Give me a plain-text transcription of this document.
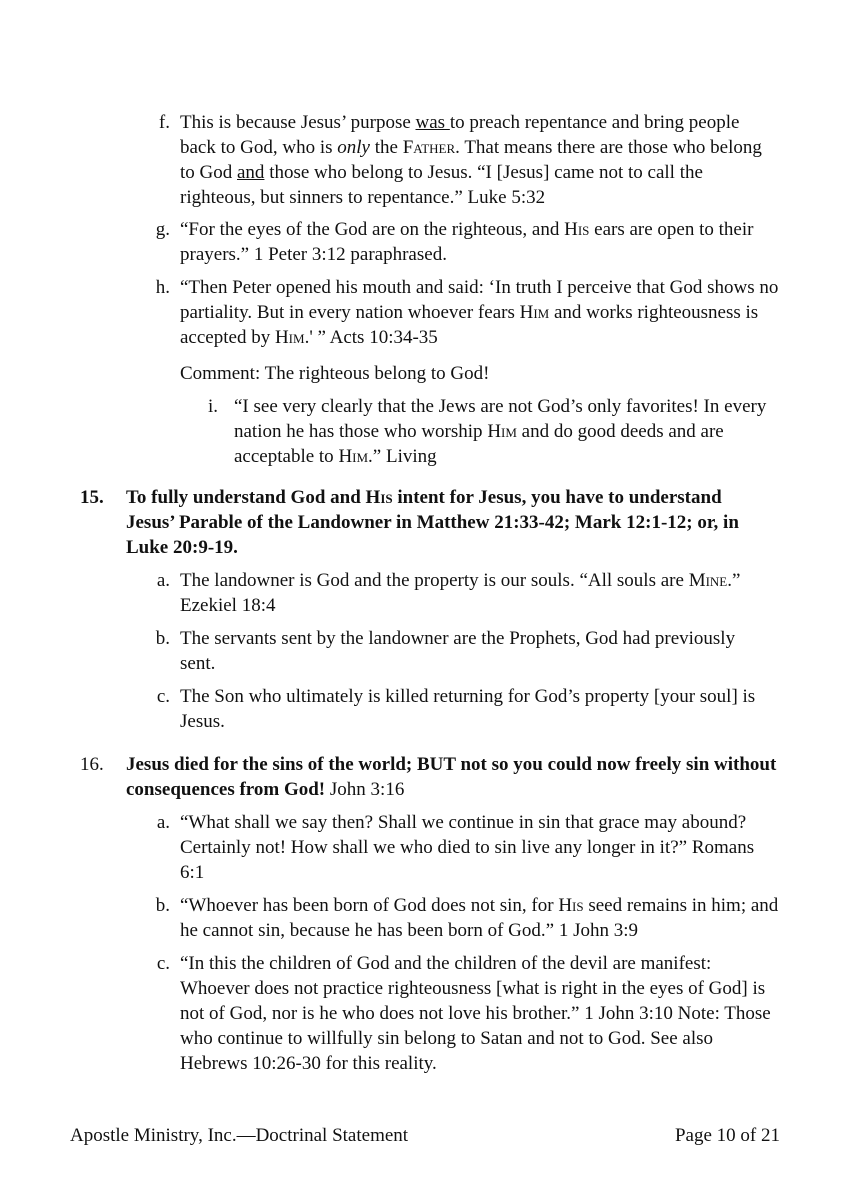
f. This is because Jesus’ purpose was to preach repentance and bring people back to God, who is only the Father. That means there are those who belong to God and those who belong to Jesus. “I [Jesus] came not to call the righteous, but sinners to repentance.” Luke 5:32

g. “For the eyes of the God are on the righteous, and His ears are open to their prayers.” 1 Peter 3:12 paraphrased.

h. “Then Peter opened his mouth and said: ‘In truth I perceive that God shows no partiality. But in every nation whoever fears Him and works righteousness is accepted by Him.' ” Acts 10:34-35

Comment: The righteous belong to God!

i. “I see very clearly that the Jews are not God’s only favorites! In every nation he has those who worship Him and do good deeds and are acceptable to Him.” Living

15.	To fully understand God and His intent for Jesus, you have to understand Jesus’ Parable of the Landowner in Matthew 21:33-42; Mark 12:1-12; or, in Luke 20:9-19.

a. The landowner is God and the property is our souls. “All souls are Mine.” Ezekiel 18:4

b. The servants sent by the landowner are the Prophets, God had previously sent.

c. The Son who ultimately is killed returning for God’s property [your soul] is Jesus.

16.	Jesus died for the sins of the world; BUT not so you could now freely sin without consequences from God! John 3:16

a. “What shall we say then? Shall we continue in sin that grace may abound? Certainly not! How shall we who died to sin live any longer in it?” Romans 6:1

b. “Whoever has been born of God does not sin, for His seed remains in him; and he cannot sin, because he has been born of God.” 1 John 3:9

c. “In this the children of God and the children of the devil are manifest: Whoever does not practice righteousness [what is right in the eyes of God] is not of God, nor is he who does not love his brother.” 1 John 3:10 Note: Those who continue to willfully sin belong to Satan and not to God. See also Hebrews 10:26-30 for this reality.

Apostle Ministry, Inc.—Doctrinal Statement	Page 10 of 21
